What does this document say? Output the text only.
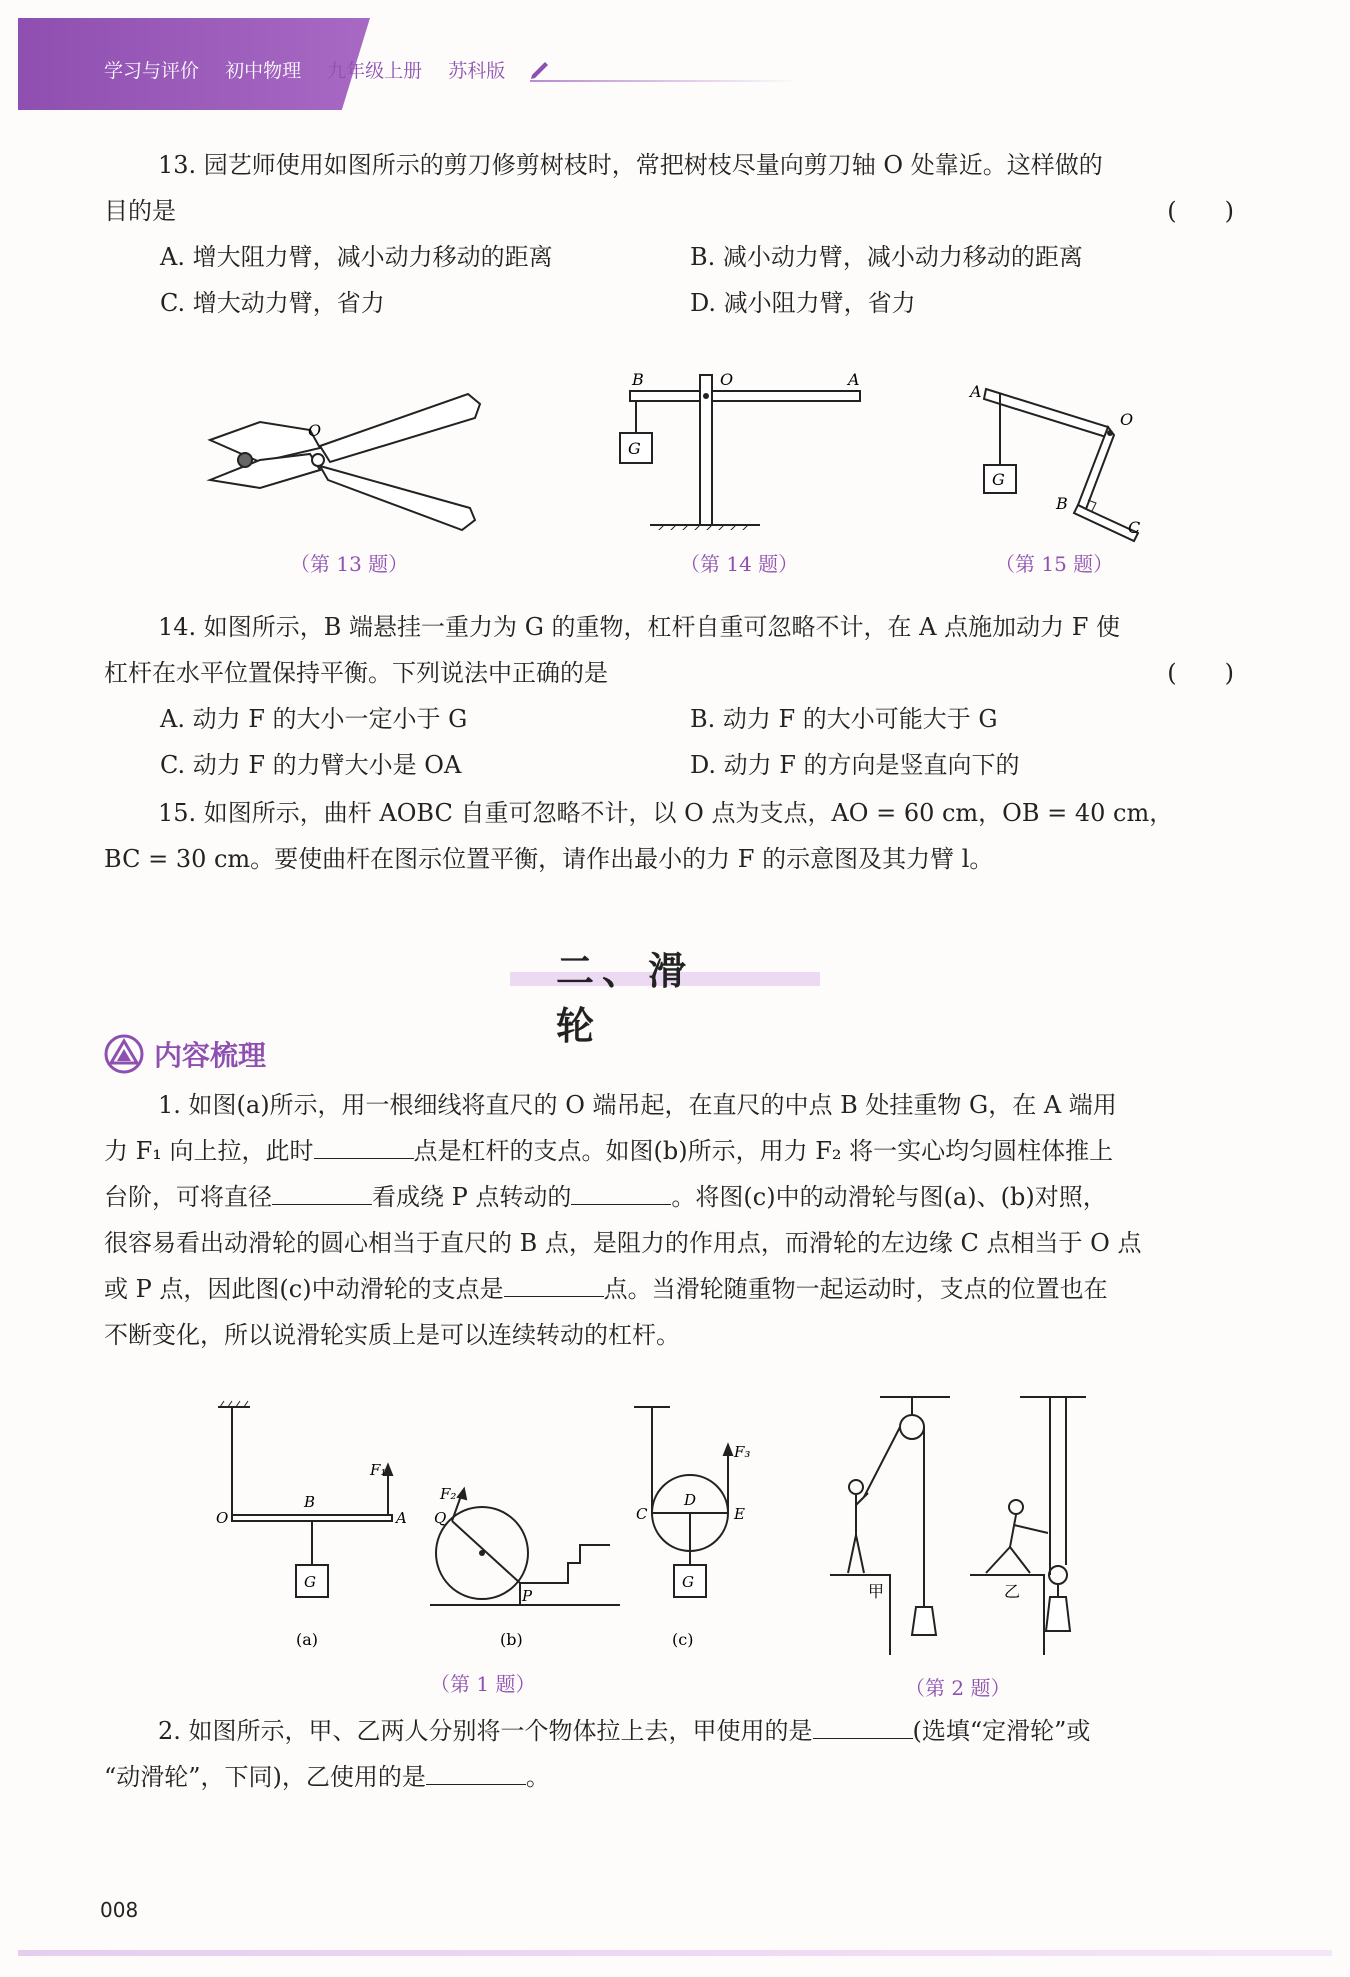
学习与评价 初中物理 九年级上册 苏科版

13. 园艺师使用如图所示的剪刀修剪树枝时，常把树枝尽量向剪刀轴 O 处靠近。这样做的

目的是	(　　)
A. 增大阻力臂，减小动力移动的距离	B. 减小动力臂，减小动力移动的距离
C. 增大动力臂，省力	D. 减小阻力臂，省力
O
（第 13 题）
B	O	A
G
（第 14 题）
A
O
B
C
G
（第 15 题）

14. 如图所示，B 端悬挂一重力为 G 的重物，杠杆自重可忽略不计，在 A 点施加动力 F 使

杠杆在水平位置保持平衡。下列说法中正确的是	(　　)
A. 动力 F 的大小一定小于 G	B. 动力 F 的大小可能大于 G
C. 动力 F 的力臂大小是 OA	D. 动力 F 的方向是竖直向下的

15. 如图所示，曲杆 AOBC 自重可忽略不计，以 O 点为支点，AO = 60 cm，OB = 40 cm，

BC = 30 cm。要使曲杆在图示位置平衡，请作出最小的力 F 的示意图及其力臂 l。
二、滑　　轮
内容梳理

1. 如图(a)所示，用一根细线将直尺的 O 端吊起，在直尺的中点 B 处挂重物 G，在 A 端用

力 F₁ 向上拉，此时	点是杠杆的支点。如图(b)所示，用力 F₂ 将一实心均匀圆柱体推上
台阶，可将直径	看成绕 P 点转动的	。将图(c)中的动滑轮与图(a)、(b)对照，
很容易看出动滑轮的圆心相当于直尺的 B 点，是阻力的作用点，而滑轮的左边缘 C 点相当于 O 点
或 P 点，因此图(c)中动滑轮的支点是	点。当滑轮随重物一起运动时，支点的位置也在
不断变化，所以说滑轮实质上是可以连续转动的杠杆。
O
B
A
F₁
G
(a)
Q
P
F₂
(b)
C
D
E
F₃
G
(c)
（第 1 题）
甲	乙
（第 2 题）

2. 如图所示，甲、乙两人分别将一个物体拉上去，甲使用的是	(选填“定滑轮”或

“动滑轮”，下同)，乙使用的是	。
008
